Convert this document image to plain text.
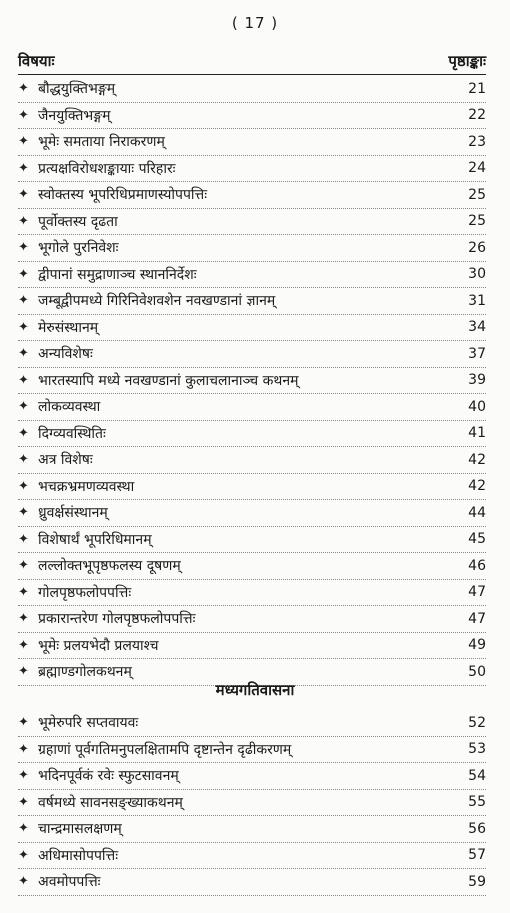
( 17 )
विषयाः	पृष्ठाङ्काः
✦ बौद्धयुक्तिभङ्गम्	21
✦ जैनयुक्तिभङ्गम्	22
✦ भूमेः समताया निराकरणम्	23
✦ प्रत्यक्षविरोधशङ्कायाः परिहारः	24
✦ स्वोक्तस्य भूपरिधिप्रमाणस्योपपत्तिः	25
✦ पूर्वोक्तस्य दृढता	25
✦ भूगोले पुरनिवेशः	26
✦ द्वीपानां समुद्राणाञ्च स्थाननिर्देशः	30
✦ जम्बूद्वीपमध्ये गिरिनिवेशवशेन नवखण्डानां ज्ञानम्	31
✦ मेरुसंस्थानम्	34
✦ अन्यविशेषः	37
✦ भारतस्यापि मध्ये नवखण्डानां कुलाचलानाञ्च कथनम्	39
✦ लोकव्यवस्था	40
✦ दिग्व्यवस्थितिः	41
✦ अत्र विशेषः	42
✦ भचक्रभ्रमणव्यवस्था	42
✦ ध्रुवर्क्षसंस्थानम्	44
✦ विशेषार्थं भूपरिधिमानम्	45
✦ लल्लोक्तभूपृष्ठफलस्य दूषणम्	46
✦ गोलपृष्ठफलोपपत्तिः	47
✦ प्रकारान्तरेण गोलपृष्ठफलोपपत्तिः	47
✦ भूमेः प्रलयभेदौ प्रलयाश्च	49
✦ ब्रह्माण्डगोलकथनम्	50
मध्यगतिवासना
✦ भूमेरुपरि सप्तवायवः	52
✦ ग्रहाणां पूर्वगतिमनुपलक्षितामपि दृष्टान्तेन दृढीकरणम्	53
✦ भदिनपूर्वकं रवेः स्फुटसावनम्	54
✦ वर्षमध्ये सावनसङ्ख्याकथनम्	55
✦ चान्द्रमासलक्षणम्	56
✦ अधिमासोपपत्तिः	57
✦ अवमोपपत्तिः	59
